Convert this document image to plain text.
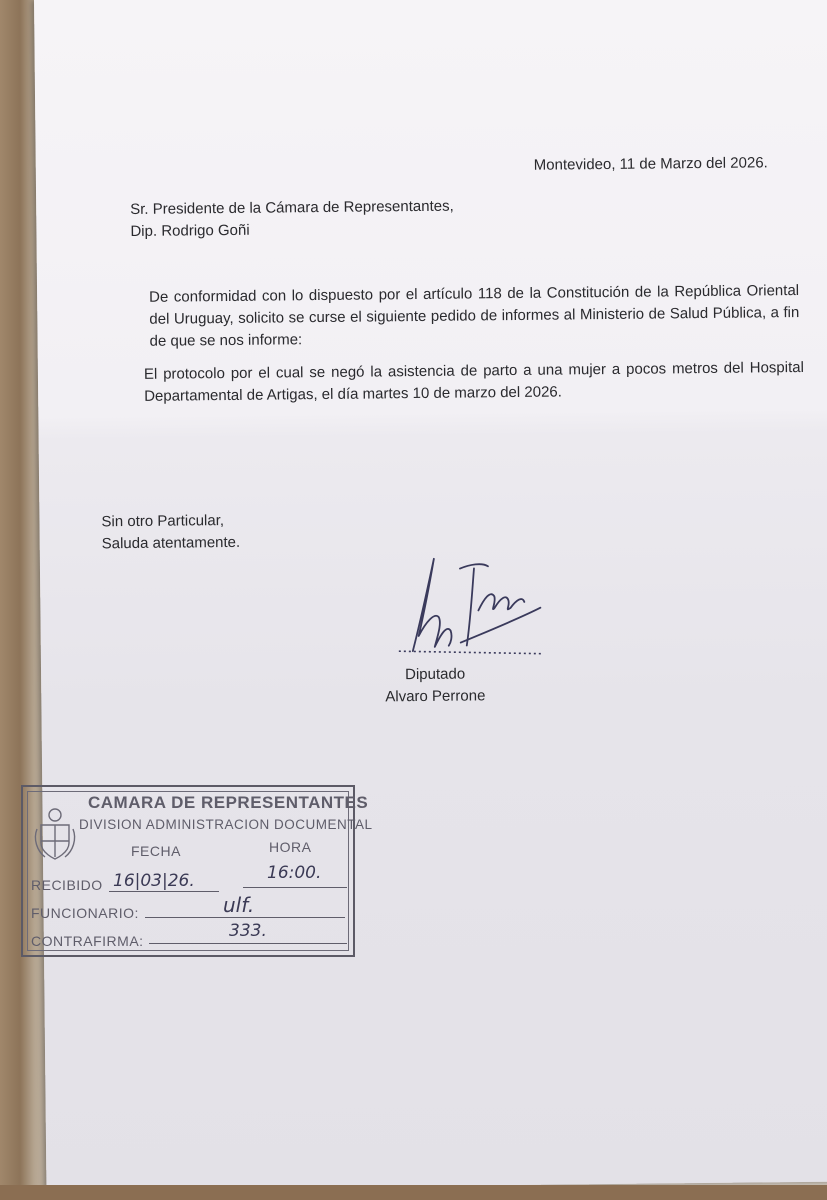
Montevideo, 11 de Marzo del 2026.
Sr. Presidente de la Cámara de Representantes,
Dip. Rodrigo Goñi
De conformidad con lo dispuesto por el artículo 118 de la Constitución de la República Oriental del Uruguay, solicito se curse el siguiente pedido de informes al Ministerio de Salud Pública, a fin de que se nos informe:
El protocolo por el cual se negó la asistencia de parto a una mujer a pocos metros del Hospital Departamental de Artigas, el día martes 10 de marzo del 2026.
Sin otro Particular,
Saluda atentamente.
Diputado
Alvaro Perrone
CAMARA DE REPRESENTANTES
DIVISION ADMINISTRACION DOCUMENTAL
FECHA	HORA
RECIBIDO 16|03|26.	16:00.
FUNCIONARIO:	ulf.
CONTRAFIRMA:	333.
